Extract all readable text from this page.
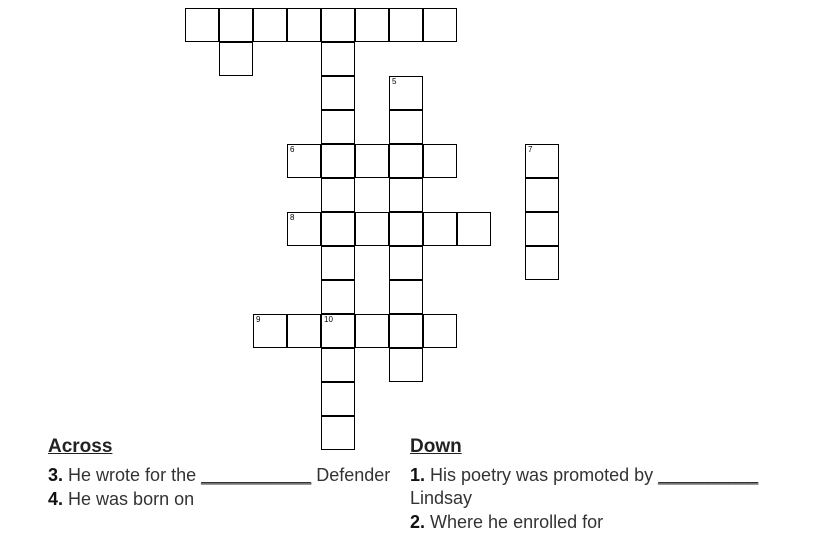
5
6	7
8
9	10
Across
3. He wrote for the ___________ Defender
4. He was born on
Down
1. His poetry was promoted by __________ Lindsay
2. Where he enrolled for
